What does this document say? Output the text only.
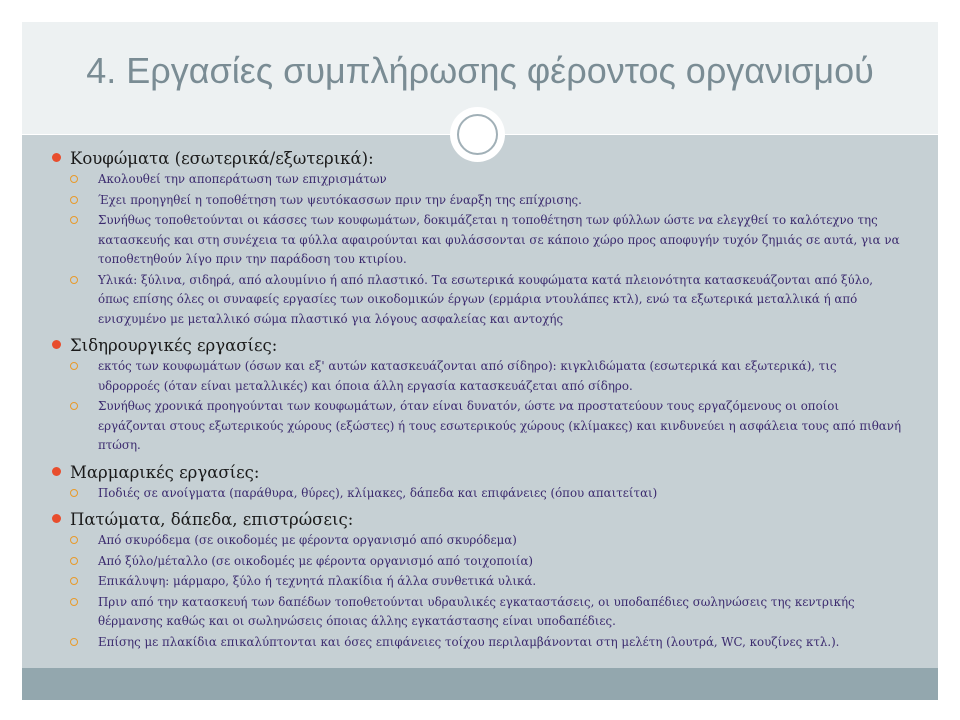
4. Εργασίες συμπλήρωσης φέροντος οργανισμού
Κουφώματα (εσωτερικά/εξωτερικά):
Ακολουθεί την αποπεράτωση των επιχρισμάτων
Έχει προηγηθεί η τοποθέτηση των ψευτόκασσων πριν την έναρξη της επίχρισης.
Συνήθως τοποθετούνται οι κάσσες των κουφωμάτων, δοκιμάζεται η τοποθέτηση των φύλλων ώστε να ελεγχθεί το καλότεχνο της κατασκευής και στη συνέχεια τα φύλλα αφαιρούνται και φυλάσσονται σε κάποιο χώρο προς αποφυγήν τυχόν ζημιάς σε αυτά, για να τοποθετηθούν λίγο πριν την παράδοση του κτιρίου.
Υλικά: ξύλινα, σιδηρά, από αλουμίνιο ή από πλαστικό. Τα εσωτερικά κουφώματα κατά πλειονότητα κατασκευάζονται από ξύλο, όπως επίσης όλες οι συναφείς εργασίες των οικοδομικών έργων (ερμάρια ντουλάπες κτλ), ενώ τα εξωτερικά μεταλλικά ή από ενισχυμένο με μεταλλικό σώμα πλαστικό για λόγους ασφαλείας και αντοχής
Σιδηρουργικές εργασίες:
εκτός των κουφωμάτων (όσων και εξ' αυτών κατασκευάζονται από σίδηρο): κιγκλιδώματα (εσωτερικά και εξωτερικά), τις υδρορροές (όταν είναι μεταλλικές) και όποια άλλη εργασία κατασκευάζεται από σίδηρο.
Συνήθως χρονικά προηγούνται των κουφωμάτων, όταν είναι δυνατόν, ώστε να προστατεύουν τους εργαζόμενους οι οποίοι εργάζονται στους εξωτερικούς χώρους (εξώστες) ή τους εσωτερικούς χώρους (κλίμακες) και κινδυνεύει η ασφάλεια τους από πιθανή πτώση.
Μαρμαρικές εργασίες:
Ποδιές σε ανοίγματα (παράθυρα, θύρες), κλίμακες, δάπεδα και επιφάνειες (όπου απαιτείται)
Πατώματα, δάπεδα, επιστρώσεις:
Από σκυρόδεμα (σε οικοδομές με φέροντα οργανισμό από σκυρόδεμα)
Από ξύλο/μέταλλο (σε οικοδομές με φέροντα οργανισμό από τοιχοποιία)
Επικάλυψη: μάρμαρο, ξύλο ή τεχνητά πλακίδια ή άλλα συνθετικά υλικά.
Πριν από την κατασκευή των δαπέδων τοποθετούνται υδραυλικές εγκαταστάσεις, οι υποδαπέδιες σωληνώσεις της κεντρικής θέρμανσης καθώς και οι σωληνώσεις όποιας άλλης εγκατάστασης είναι υποδαπέδιες.
Επίσης με πλακίδια επικαλύπτονται και όσες επιφάνειες τοίχου περιλαμβάνονται στη μελέτη (λουτρά, WC, κουζίνες κτλ.).
